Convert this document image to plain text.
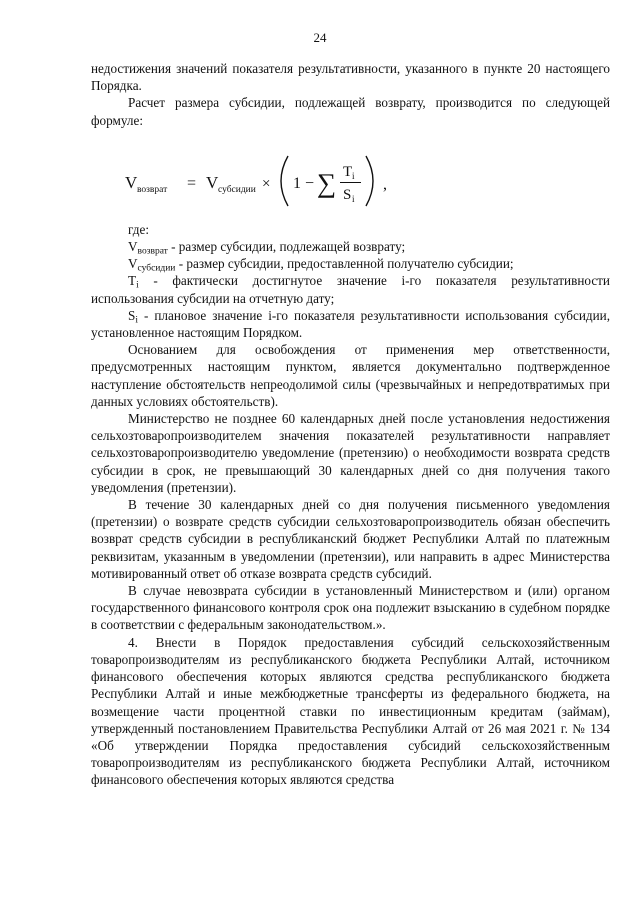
24

недостижения значений показателя результативности, указанного в пункте 20 настоящего Порядка.

Расчет размера субсидии, подлежащей возврату, производится по следующей формуле:

V возврат = V субсидии × 1 − ∑ T i
S i
,

где:

$V_{возврат}$ - размер субсидии, подлежащей возврату;

$V_{субсидии}$ - размер субсидии, предоставленной получателю субсидии;

$T_i$ - фактически достигнутое значение i-го показателя результативности использования субсидии на отчетную дату;

$S_i$ - плановое значение i-го показателя результативности использования субсидии, установленное настоящим Порядком.

Основанием для освобождения от применения мер ответственности, предусмотренных настоящим пунктом, является документально подтвержденное наступление обстоятельств непреодолимой силы (чрезвычайных и непредотвратимых при данных условиях обстоятельств).

Министерство не позднее 60 календарных дней после установления недостижения сельхозтоваропроизводителем значения показателей результативности направляет сельхозтоваропроизводителю уведомление (претензию) о необходимости возврата средств субсидии в срок, не превышающий 30 календарных дней со дня получения такого уведомления (претензии).

В течение 30 календарных дней со дня получения письменного уведомления (претензии) о возврате средств субсидии сельхозтоваропроизводитель обязан обеспечить возврат средств субсидии в республиканский бюджет Республики Алтай по платежным реквизитам, указанным в уведомлении (претензии), или направить в адрес Министерства мотивированный ответ об отказе возврата средств субсидий.

В случае невозврата субсидии в установленный Министерством и (или) органом государственного финансового контроля срок она подлежит взысканию в судебном порядке в соответствии с федеральным законодательством.».

4. Внести в Порядок предоставления субсидий сельскохозяйственным товаропроизводителям из республиканского бюджета Республики Алтай, источником финансового обеспечения которых являются средства республиканского бюджета Республики Алтай и иные межбюджетные трансферты из федерального бюджета, на возмещение части процентной ставки по инвестиционным кредитам (займам), утвержденный постановлением Правительства Республики Алтай от 26 мая 2021 г. № 134 «Об утверждении Порядка предоставления субсидий сельскохозяйственным товаропроизводителям из республиканского бюджета Республики Алтай, источником финансового обеспечения которых являются средства
